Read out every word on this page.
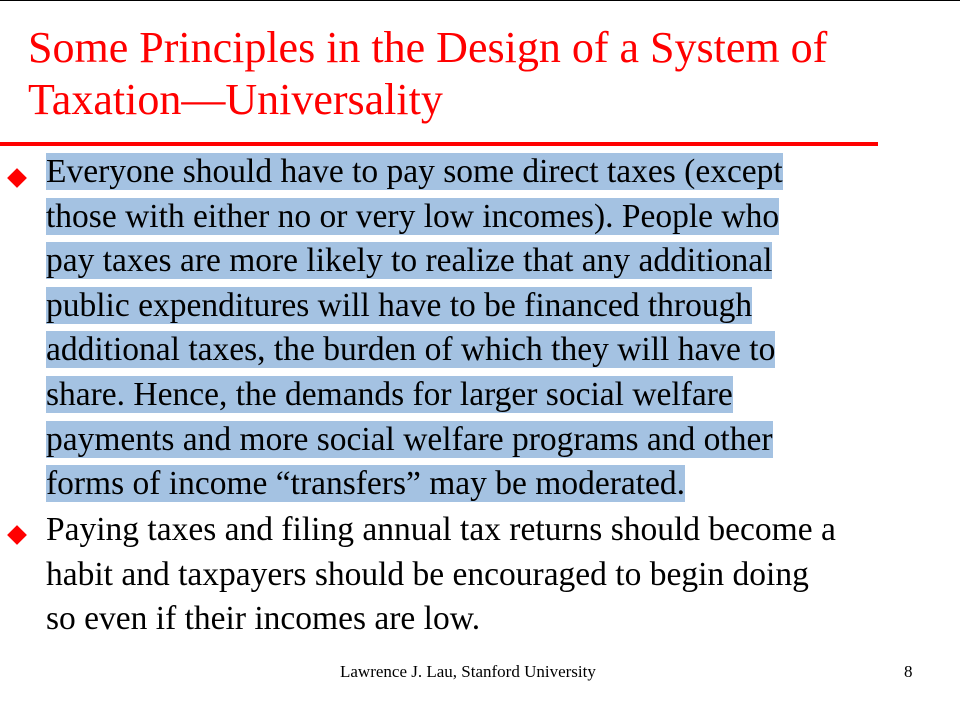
Some Principles in the Design of a System of Taxation—Universality
Everyone should have to pay some direct taxes (except
those with either no or very low incomes). People who
pay taxes are more likely to realize that any additional
public expenditures will have to be financed through
additional taxes, the burden of which they will have to
share. Hence, the demands for larger social welfare
payments and more social welfare programs and other
forms of income “transfers” may be moderated.
Paying taxes and filing annual tax returns should become a
habit and taxpayers should be encouraged to begin doing
so even if their incomes are low.
Lawrence J. Lau, Stanford University	8
